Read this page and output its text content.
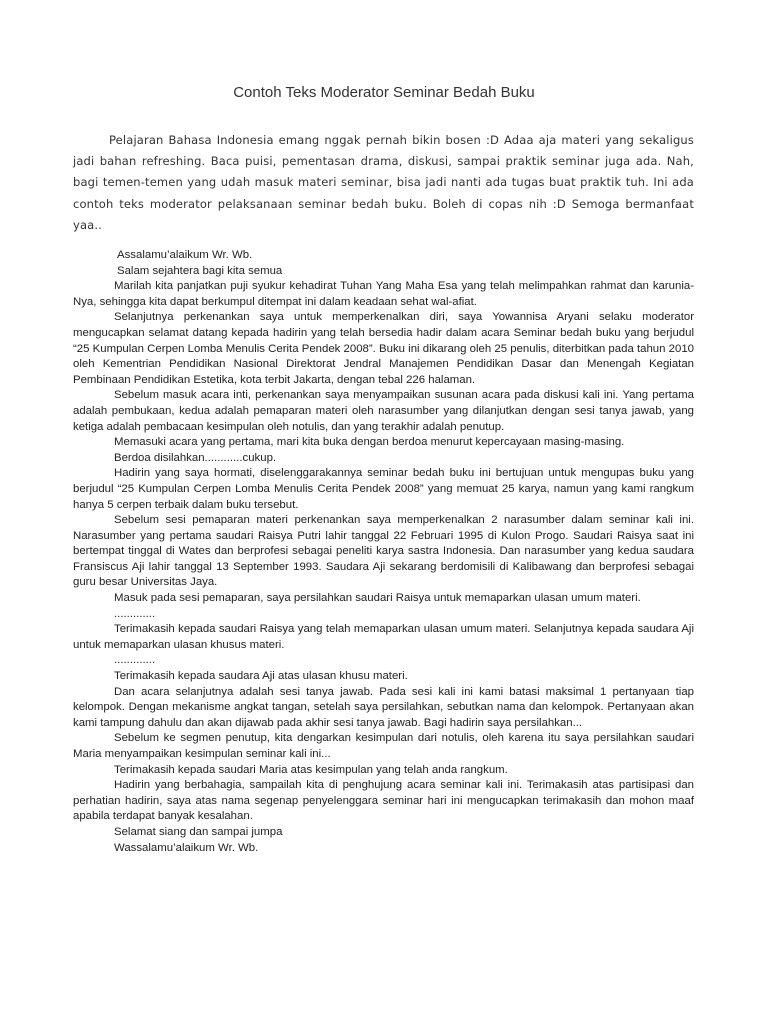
Contoh Teks Moderator Seminar Bedah Buku

Pelajaran Bahasa Indonesia emang nggak pernah bikin bosen :D Adaa aja materi yang sekaligus jadi bahan refreshing. Baca puisi, pementasan drama, diskusi, sampai praktik seminar juga ada. Nah, bagi temen-temen yang udah masuk materi seminar, bisa jadi nanti ada tugas buat praktik tuh. Ini ada contoh teks moderator pelaksanaan seminar bedah buku. Boleh di copas nih :D Semoga bermanfaat yaa..

Assalamu’alaikum Wr. Wb.

Salam sejahtera bagi kita semua

Marilah kita panjatkan puji syukur kehadirat Tuhan Yang Maha Esa yang telah melimpahkan rahmat dan karunia-Nya, sehingga kita dapat berkumpul ditempat ini dalam keadaan sehat wal-afiat.

Selanjutnya perkenankan saya untuk memperkenalkan diri, saya Yowannisa Aryani selaku moderator mengucapkan selamat datang kepada hadirin yang telah bersedia hadir dalam acara Seminar bedah buku yang berjudul “25 Kumpulan Cerpen Lomba Menulis Cerita Pendek 2008”. Buku ini dikarang oleh 25 penulis, diterbitkan pada tahun 2010 oleh Kementrian Pendidikan Nasional Direktorat Jendral Manajemen Pendidikan Dasar dan Menengah Kegiatan Pembinaan Pendidikan Estetika, kota terbit Jakarta, dengan tebal 226 halaman.

Sebelum masuk acara inti, perkenankan saya menyampaikan susunan acara pada diskusi kali ini. Yang pertama adalah pembukaan, kedua adalah pemaparan materi oleh narasumber yang dilanjutkan dengan sesi tanya jawab, yang ketiga adalah pembacaan kesimpulan oleh notulis, dan yang terakhir adalah penutup.

Memasuki acara yang pertama, mari kita buka dengan berdoa menurut kepercayaan masing-masing.

Berdoa disilahkan............cukup.

Hadirin yang saya hormati, diselenggarakannya seminar bedah buku ini bertujuan untuk mengupas buku yang berjudul “25 Kumpulan Cerpen Lomba Menulis Cerita Pendek 2008” yang memuat 25 karya, namun yang kami rangkum hanya 5 cerpen terbaik dalam buku tersebut.

Sebelum sesi pemaparan materi perkenankan saya memperkenalkan 2 narasumber dalam seminar kali ini. Narasumber yang pertama saudari Raisya Putri lahir tanggal 22 Februari 1995 di Kulon Progo. Saudari Raisya saat ini bertempat tinggal di Wates dan berprofesi sebagai peneliti karya sastra Indonesia. Dan narasumber yang kedua saudara Fransiscus Aji lahir tanggal 13 September 1993. Saudara Aji sekarang berdomisili di Kalibawang dan berprofesi sebagai guru besar Universitas Jaya.

Masuk pada sesi pemaparan, saya persilahkan saudari Raisya untuk memaparkan ulasan umum materi.

.............

Terimakasih kepada saudari Raisya yang telah memaparkan ulasan umum materi. Selanjutnya kepada saudara Aji untuk memaparkan ulasan khusus materi.

.............

Terimakasih kepada saudara Aji atas ulasan khusu materi.

Dan acara selanjutnya adalah sesi tanya jawab. Pada sesi kali ini kami batasi maksimal 1 pertanyaan tiap kelompok. Dengan mekanisme angkat tangan, setelah saya persilahkan, sebutkan nama dan kelompok. Pertanyaan akan kami tampung dahulu dan akan dijawab pada akhir sesi tanya jawab. Bagi hadirin saya persilahkan...

Sebelum ke segmen penutup, kita dengarkan kesimpulan dari notulis, oleh karena itu saya persilahkan saudari Maria menyampaikan kesimpulan seminar kali ini...

Terimakasih kepada saudari Maria atas kesimpulan yang telah anda rangkum.

Hadirin yang berbahagia, sampailah kita di penghujung acara seminar kali ini. Terimakasih atas partisipasi dan perhatian hadirin, saya atas nama segenap penyelenggara seminar hari ini mengucapkan terimakasih dan mohon maaf apabila terdapat banyak kesalahan.

Selamat siang dan sampai jumpa

Wassalamu’alaikum Wr. Wb.
